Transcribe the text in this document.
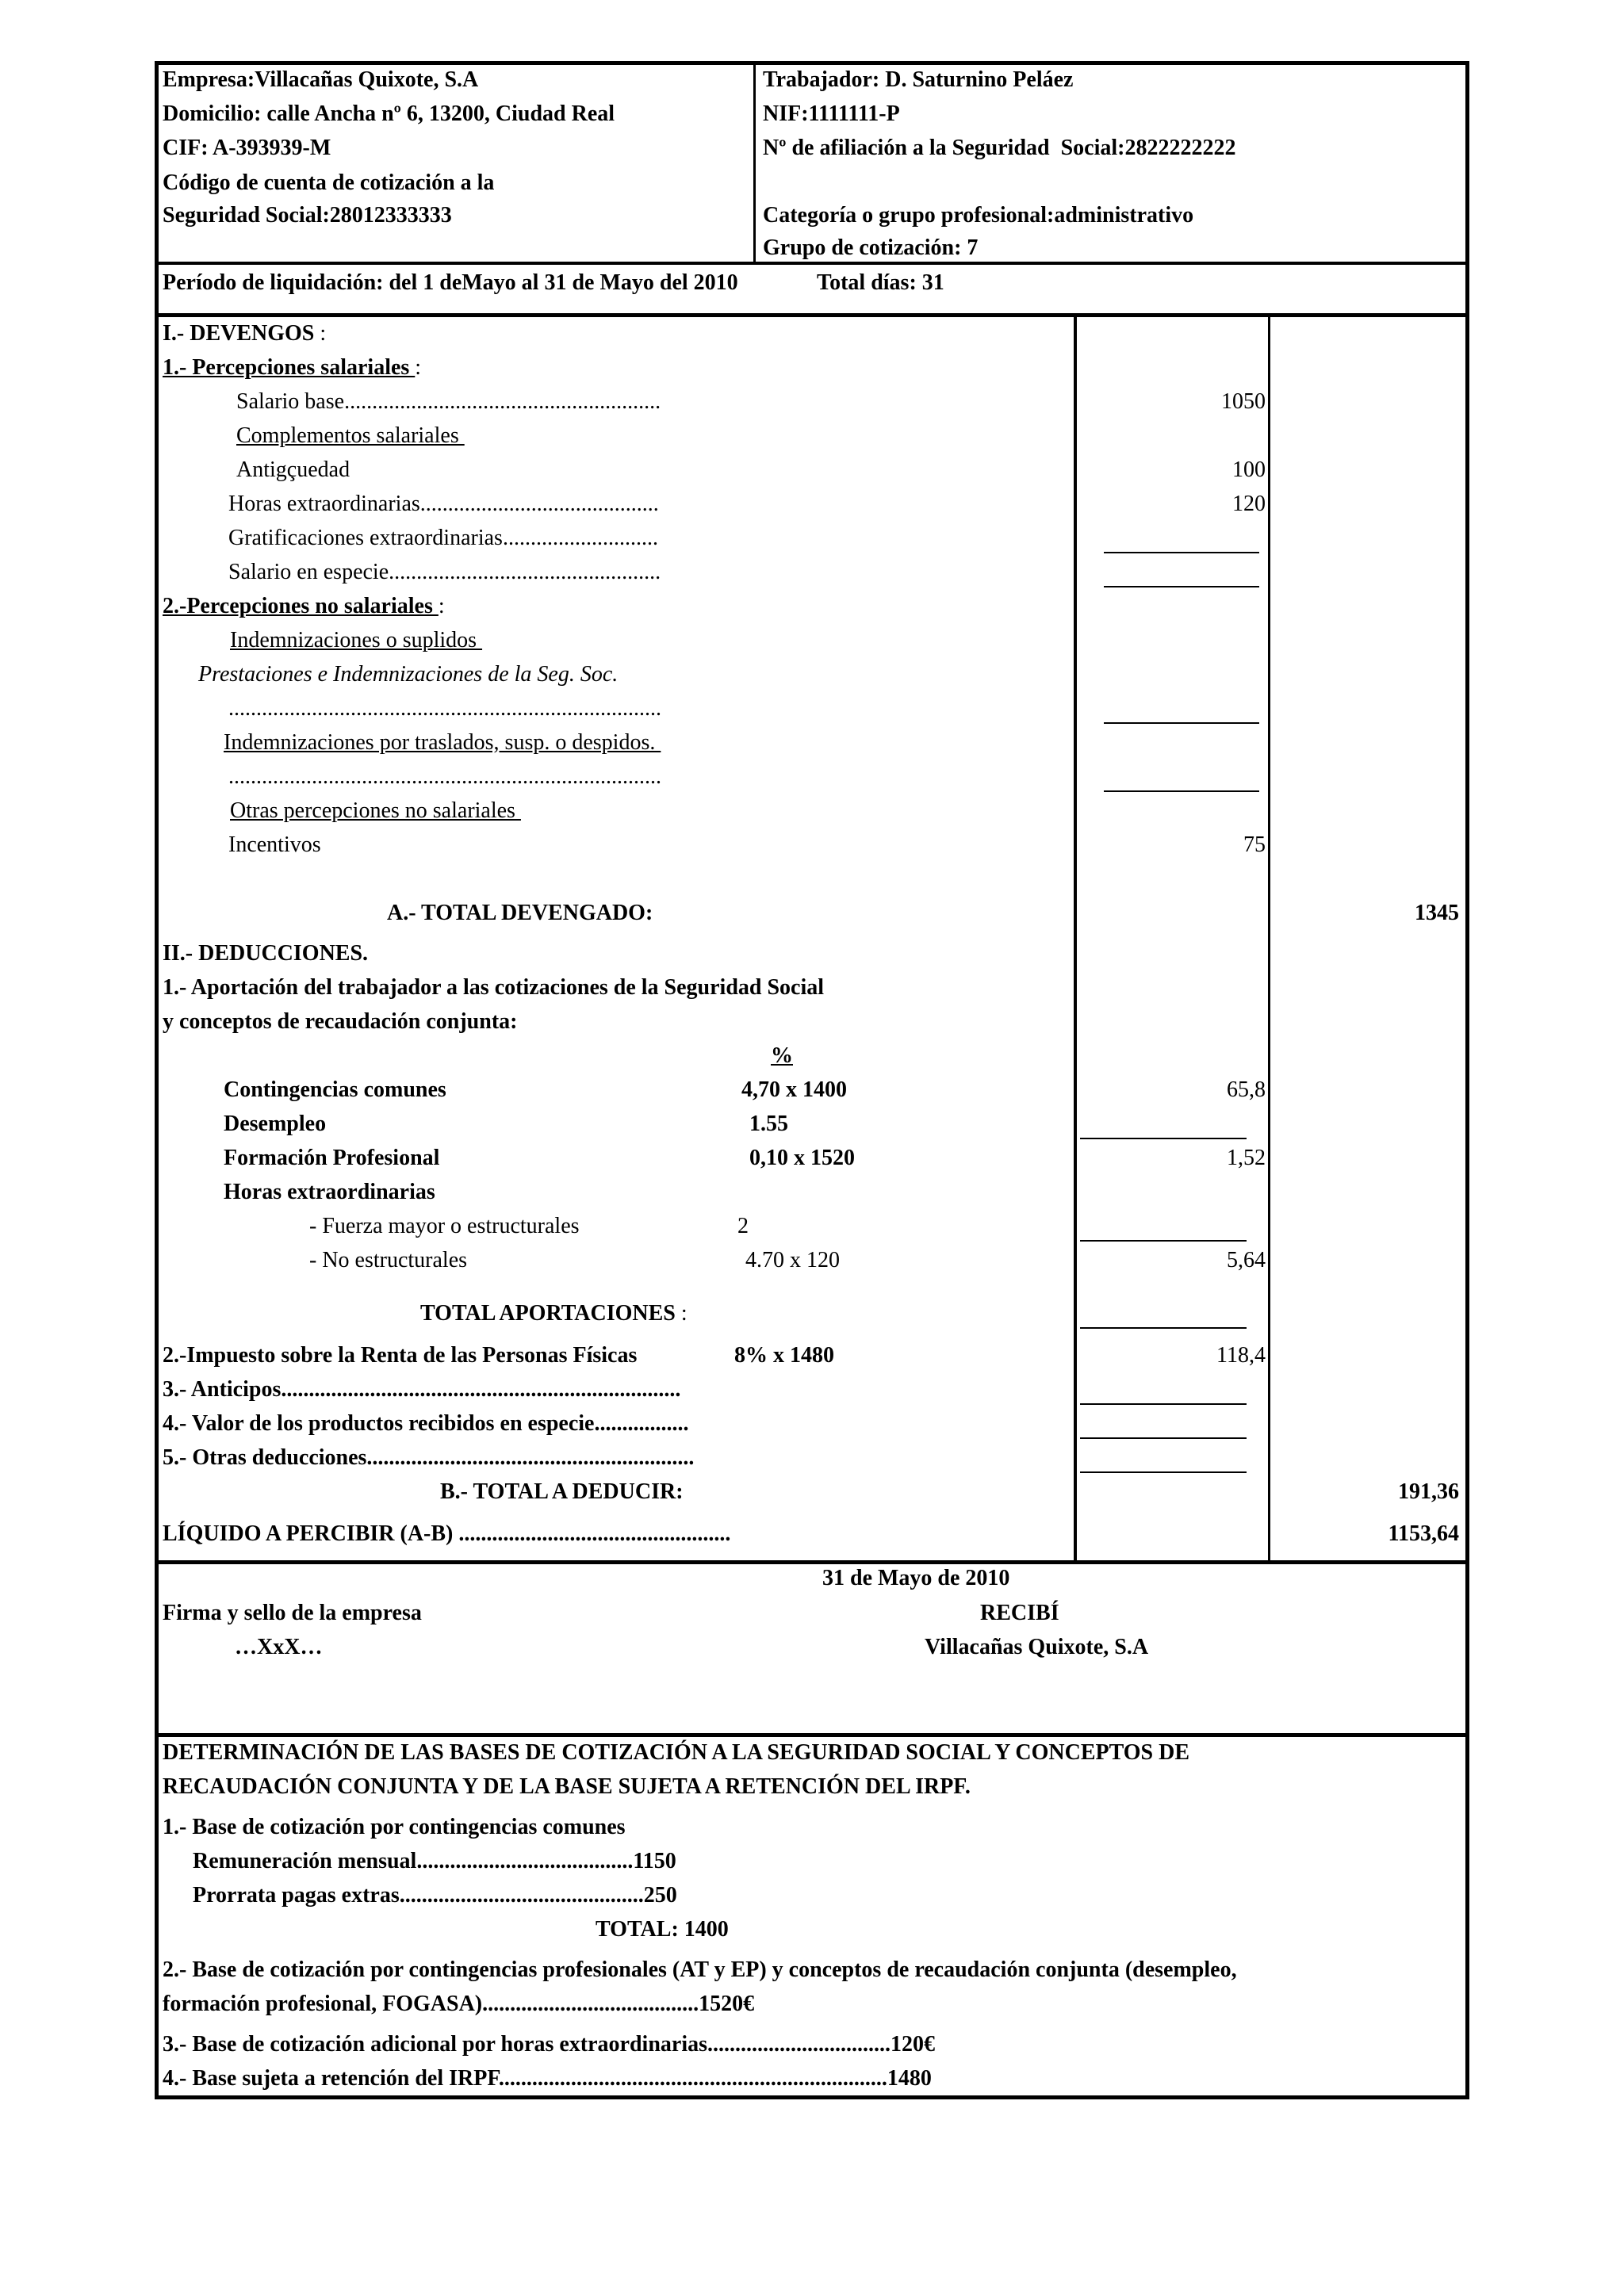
Empresa:Villacañas Quixote, S.A
Domicilio: calle Ancha nº 6, 13200, Ciudad Real
CIF: A-393939-M
Código de cuenta de cotización a la
Seguridad Social:28012333333
Trabajador: D. Saturnino Peláez
NIF:1111111-P
Nº de afiliación a la Seguridad  Social:2822222222
Categoría o grupo profesional:administrativo
Grupo de cotización: 7
Período de liquidación: del 1 deMayo al 31 de Mayo del 2010	Total días: 31
I.- DEVENGOS :
1.- Percepciones salariales :
Salario base.........................................................	1050
Complementos salariales
Antigçuedad	100
Horas extraordinarias...........................................	120
Gratificaciones extraordinarias............................
Salario en especie.................................................
2.-Percepciones no salariales :
Indemnizaciones o suplidos
Prestaciones e Indemnizaciones de la Seg. Soc.
..............................................................................
Indemnizaciones por traslados, susp. o despidos.
..............................................................................
Otras percepciones no salariales
Incentivos	75
A.- TOTAL DEVENGADO:	1345
II.- DEDUCCIONES.
1.- Aportación del trabajador a las cotizaciones de la Seguridad Social
y conceptos de recaudación conjunta:
%
Contingencias comunes	4,70 x 1400	65,8
Desempleo	1.55
Formación Profesional	0,10 x 1520	1,52
Horas extraordinarias
- Fuerza mayor o estructurales	2
- No estructurales	4.70 x 120	5,64
TOTAL APORTACIONES :
2.-Impuesto sobre la Renta de las Personas Físicas	8% x 1480	118,4
3.- Anticipos........................................................................
4.- Valor de los productos recibidos en especie.................
5.- Otras deducciones...........................................................
B.- TOTAL A DEDUCIR:	191,36
LÍQUIDO A PERCIBIR (A-B) .................................................	1153,64
31 de Mayo de 2010
Firma y sello de la empresa
…XxX…
RECIBÍ
Villacañas Quixote, S.A
DETERMINACIÓN DE LAS BASES DE COTIZACIÓN A LA SEGURIDAD SOCIAL Y CONCEPTOS DE
RECAUDACIÓN CONJUNTA Y DE LA BASE SUJETA A RETENCIÓN DEL IRPF.
1.- Base de cotización por contingencias comunes
Remuneración mensual.......................................1150
Prorrata pagas extras............................................250
TOTAL: 1400
2.- Base de cotización por contingencias profesionales (AT y EP) y conceptos de recaudación conjunta (desempleo,
formación profesional, FOGASA).......................................1520€
3.- Base de cotización adicional por horas extraordinarias.................................120€
4.- Base sujeta a retención del IRPF......................................................................1480
